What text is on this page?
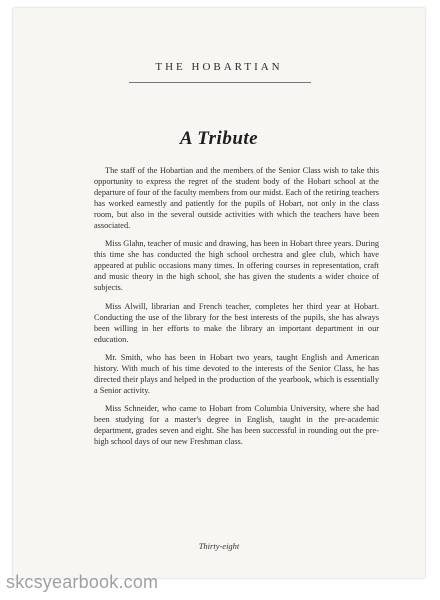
THE HOBARTIAN
A Tribute

The staff of the Hobartian and the members of the Senior Class wish to take this opportunity to express the regret of the student body of the Hobart school at the departure of four of the faculty members from our midst. Each of the retiring teachers has worked earnestly and patiently for the pupils of Hobart, not only in the class room, but also in the several outside activities with which the teachers have been associated.

Miss Glahn, teacher of music and drawing, has been in Hobart three years. During this time she has conducted the high school orchestra and glee club, which have appeared at public occasions many times. In offering courses in representation, craft and music theory in the high school, she has given the students a wider choice of subjects.

Miss Alwill, librarian and French teacher, completes her third year at Hobart. Conducting the use of the library for the best interests of the pupils, she has always been willing in her efforts to make the library an important department in our education.

Mr. Smith, who has been in Hobart two years, taught English and American history. With much of his time devoted to the interests of the Senior Class, he has directed their plays and helped in the production of the yearbook, which is essentially a Senior activity.

Miss Schneider, who came to Hobart from Columbia University, where she had been studying for a master's degree in English, taught in the pre-academic department, grades seven and eight. She has been successful in rounding out the pre-high school days of our new Freshman class.

Thirty-eight
skcsyearbook.com
